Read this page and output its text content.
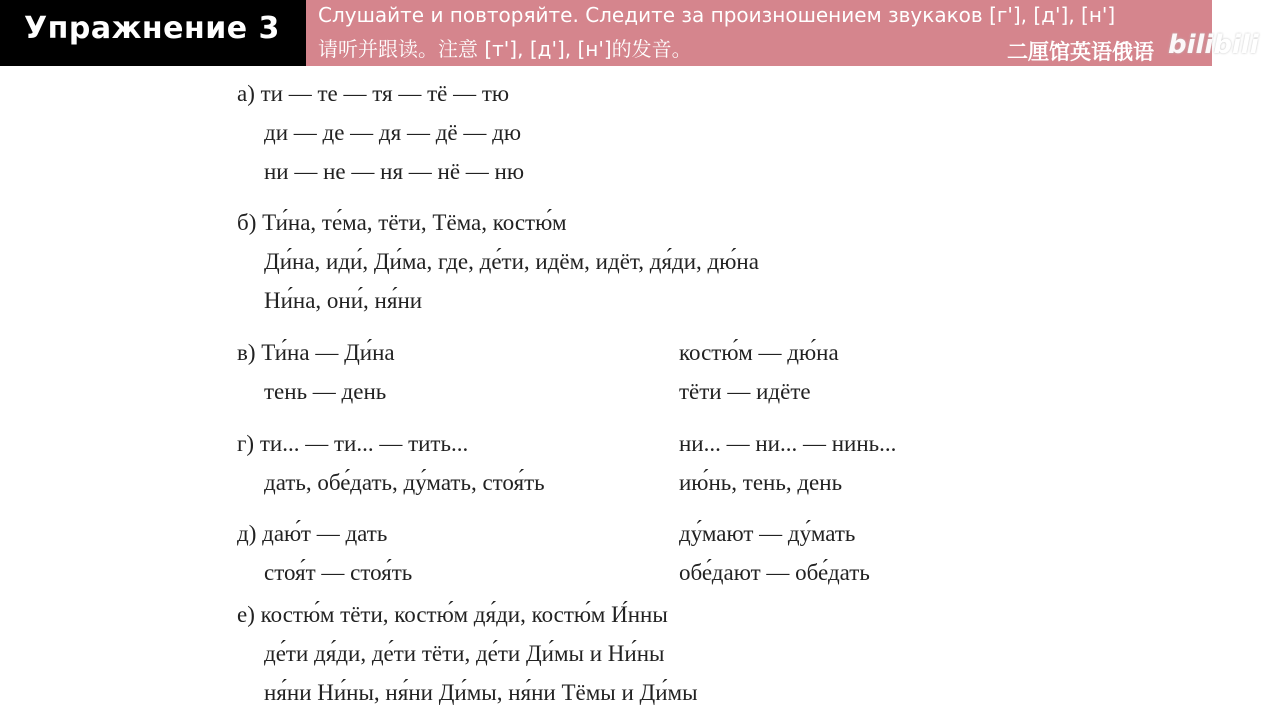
Упражнение 3	Слушайте и повторяйте. Следите за произношением звукаков [г'], [д'], [н']
请听并跟读。注意 [т'], [д'], [н']的发音。	二厘馆英语俄语 bilibili
а) ти — те — тя — тё — тю
ди — де — дя — дё — дю
ни — не — ня — нё — ню
б) Ти́на, те́ма, тёти, Тёма, костю́м
Ди́на, иди́, Ди́ма, где, де́ти, идём, идёт, дя́ди, дю́на
Ни́на, они́, ня́ни
в) Ти́на — Ди́на	костю́м — дю́на
тень — день	тёти — идёте
г) ти... — ти... — тить...	ни... — ни... — нинь...
дать, обе́дать, ду́мать, стоя́ть	ию́нь, тень, день
д) даю́т — дать	ду́мают — ду́мать
стоя́т — стоя́ть	обе́дают — обе́дать
е) костю́м тёти, костю́м дя́ди, костю́м И́нны
де́ти дя́ди, де́ти тёти, де́ти Ди́мы и Ни́ны
ня́ни Ни́ны, ня́ни Ди́мы, ня́ни Тёмы и Ди́мы
